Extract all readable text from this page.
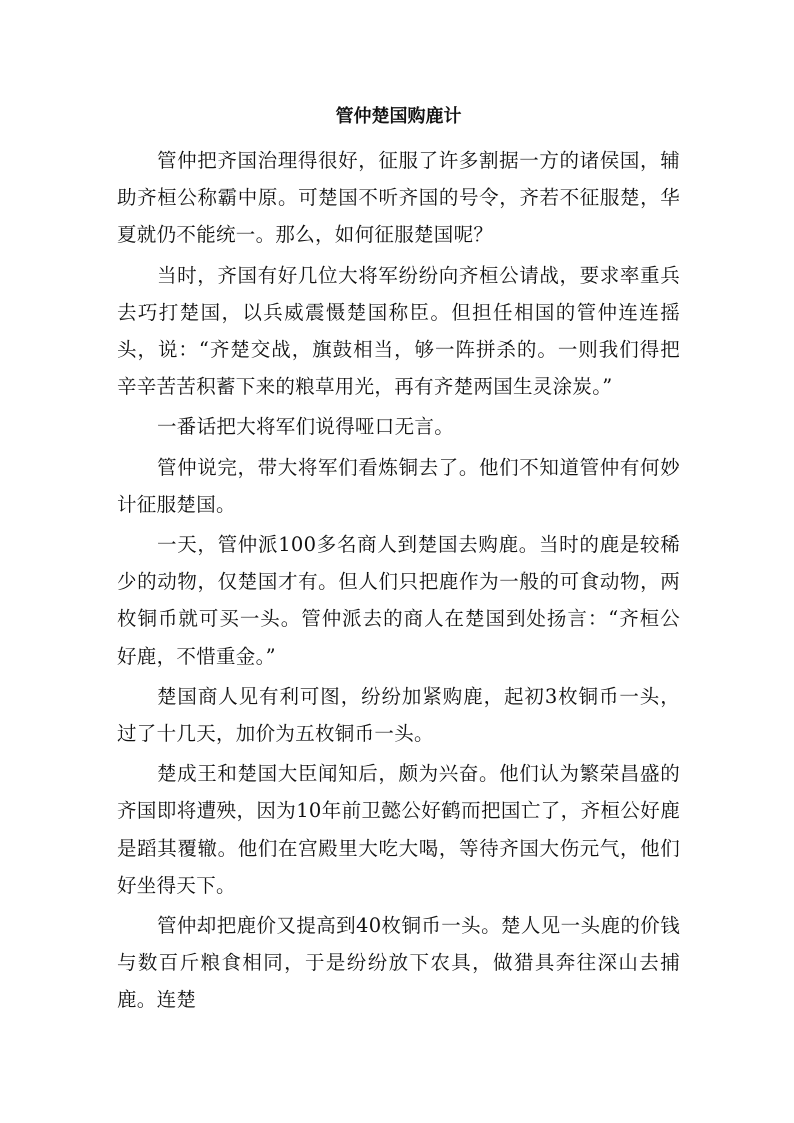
管仲楚国购鹿计

管仲把齐国治理得很好，征服了许多割据一方的诸侯国，辅助齐桓公称霸中原。可楚国不听齐国的号令，齐若不征服楚，华夏就仍不能统一。那么，如何征服楚国呢？

当时，齐国有好几位大将军纷纷向齐桓公请战，要求率重兵去巧打楚国，以兵威震慑楚国称臣。但担任相国的管仲连连摇头，说：“齐楚交战，旗鼓相当，够一阵拼杀的。一则我们得把辛辛苦苦积蓄下来的粮草用光，再有齐楚两国生灵涂炭。”

一番话把大将军们说得哑口无言。

管仲说完，带大将军们看炼铜去了。他们不知道管仲有何妙计征服楚国。

一天，管仲派100多名商人到楚国去购鹿。当时的鹿是较稀少的动物，仅楚国才有。但人们只把鹿作为一般的可食动物，两枚铜币就可买一头。管仲派去的商人在楚国到处扬言：“齐桓公好鹿，不惜重金。”

楚国商人见有利可图，纷纷加紧购鹿，起初3枚铜币一头，过了十几天，加价为五枚铜币一头。

楚成王和楚国大臣闻知后，颇为兴奋。他们认为繁荣昌盛的齐国即将遭殃，因为10年前卫懿公好鹤而把国亡了，齐桓公好鹿是蹈其覆辙。他们在宫殿里大吃大喝，等待齐国大伤元气，他们好坐得天下。

管仲却把鹿价又提高到40枚铜币一头。楚人见一头鹿的价钱与数百斤粮食相同，于是纷纷放下农具，做猎具奔往深山去捕鹿。连楚
